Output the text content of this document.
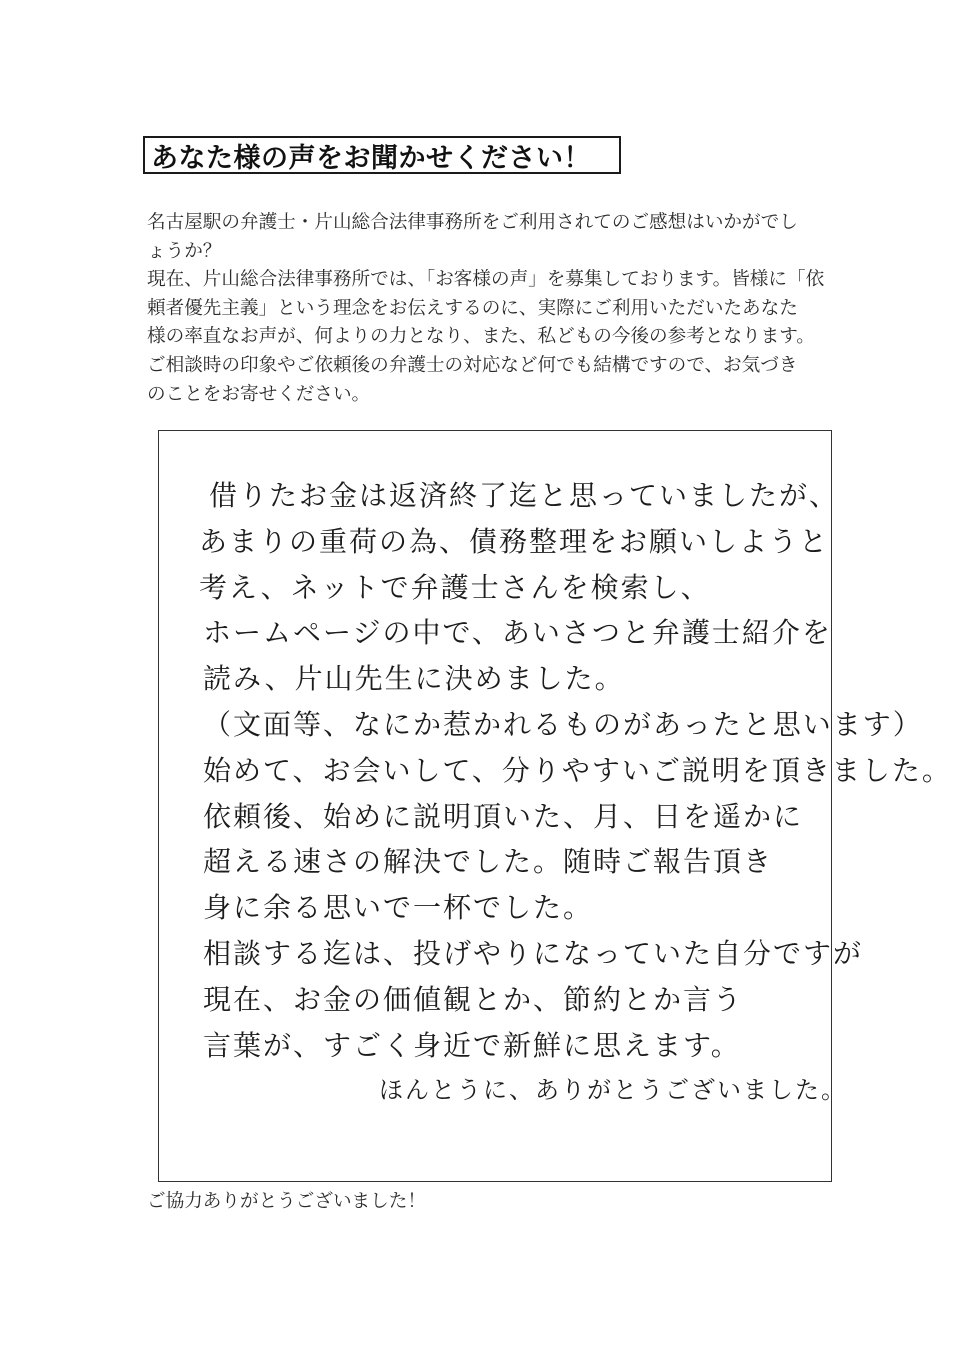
あなた様の声をお聞かせください！
名古屋駅の弁護士・片山総合法律事務所をご利用されてのご感想はいかがでし
ょうか？
現在、片山総合法律事務所では、「お客様の声」を募集しております。皆様に「依
頼者優先主義」という理念をお伝えするのに、実際にご利用いただいたあなた
様の率直なお声が、何よりの力となり、また、私どもの今後の参考となります。
ご相談時の印象やご依頼後の弁護士の対応など何でも結構ですので、お気づき
のことをお寄せください。
借りたお金は返済終了迄と思っていましたが、
あまりの重荷の為、債務整理をお願いしようと
考え、ネットで弁護士さんを検索し、
ホームページの中で、あいさつと弁護士紹介を
読み、片山先生に決めました。
（文面等、なにか惹かれるものがあったと思います）
始めて、お会いして、分りやすいご説明を頂きました。
依頼後、始めに説明頂いた、月、日を遥かに
超える速さの解決でした。随時ご報告頂き
身に余る思いで一杯でした。
相談する迄は、投げやりになっていた自分ですが
現在、お金の価値観とか、節約とか言う
言葉が、すごく身近で新鮮に思えます。
ほんとうに、ありがとうございました。
ご協力ありがとうございました！
